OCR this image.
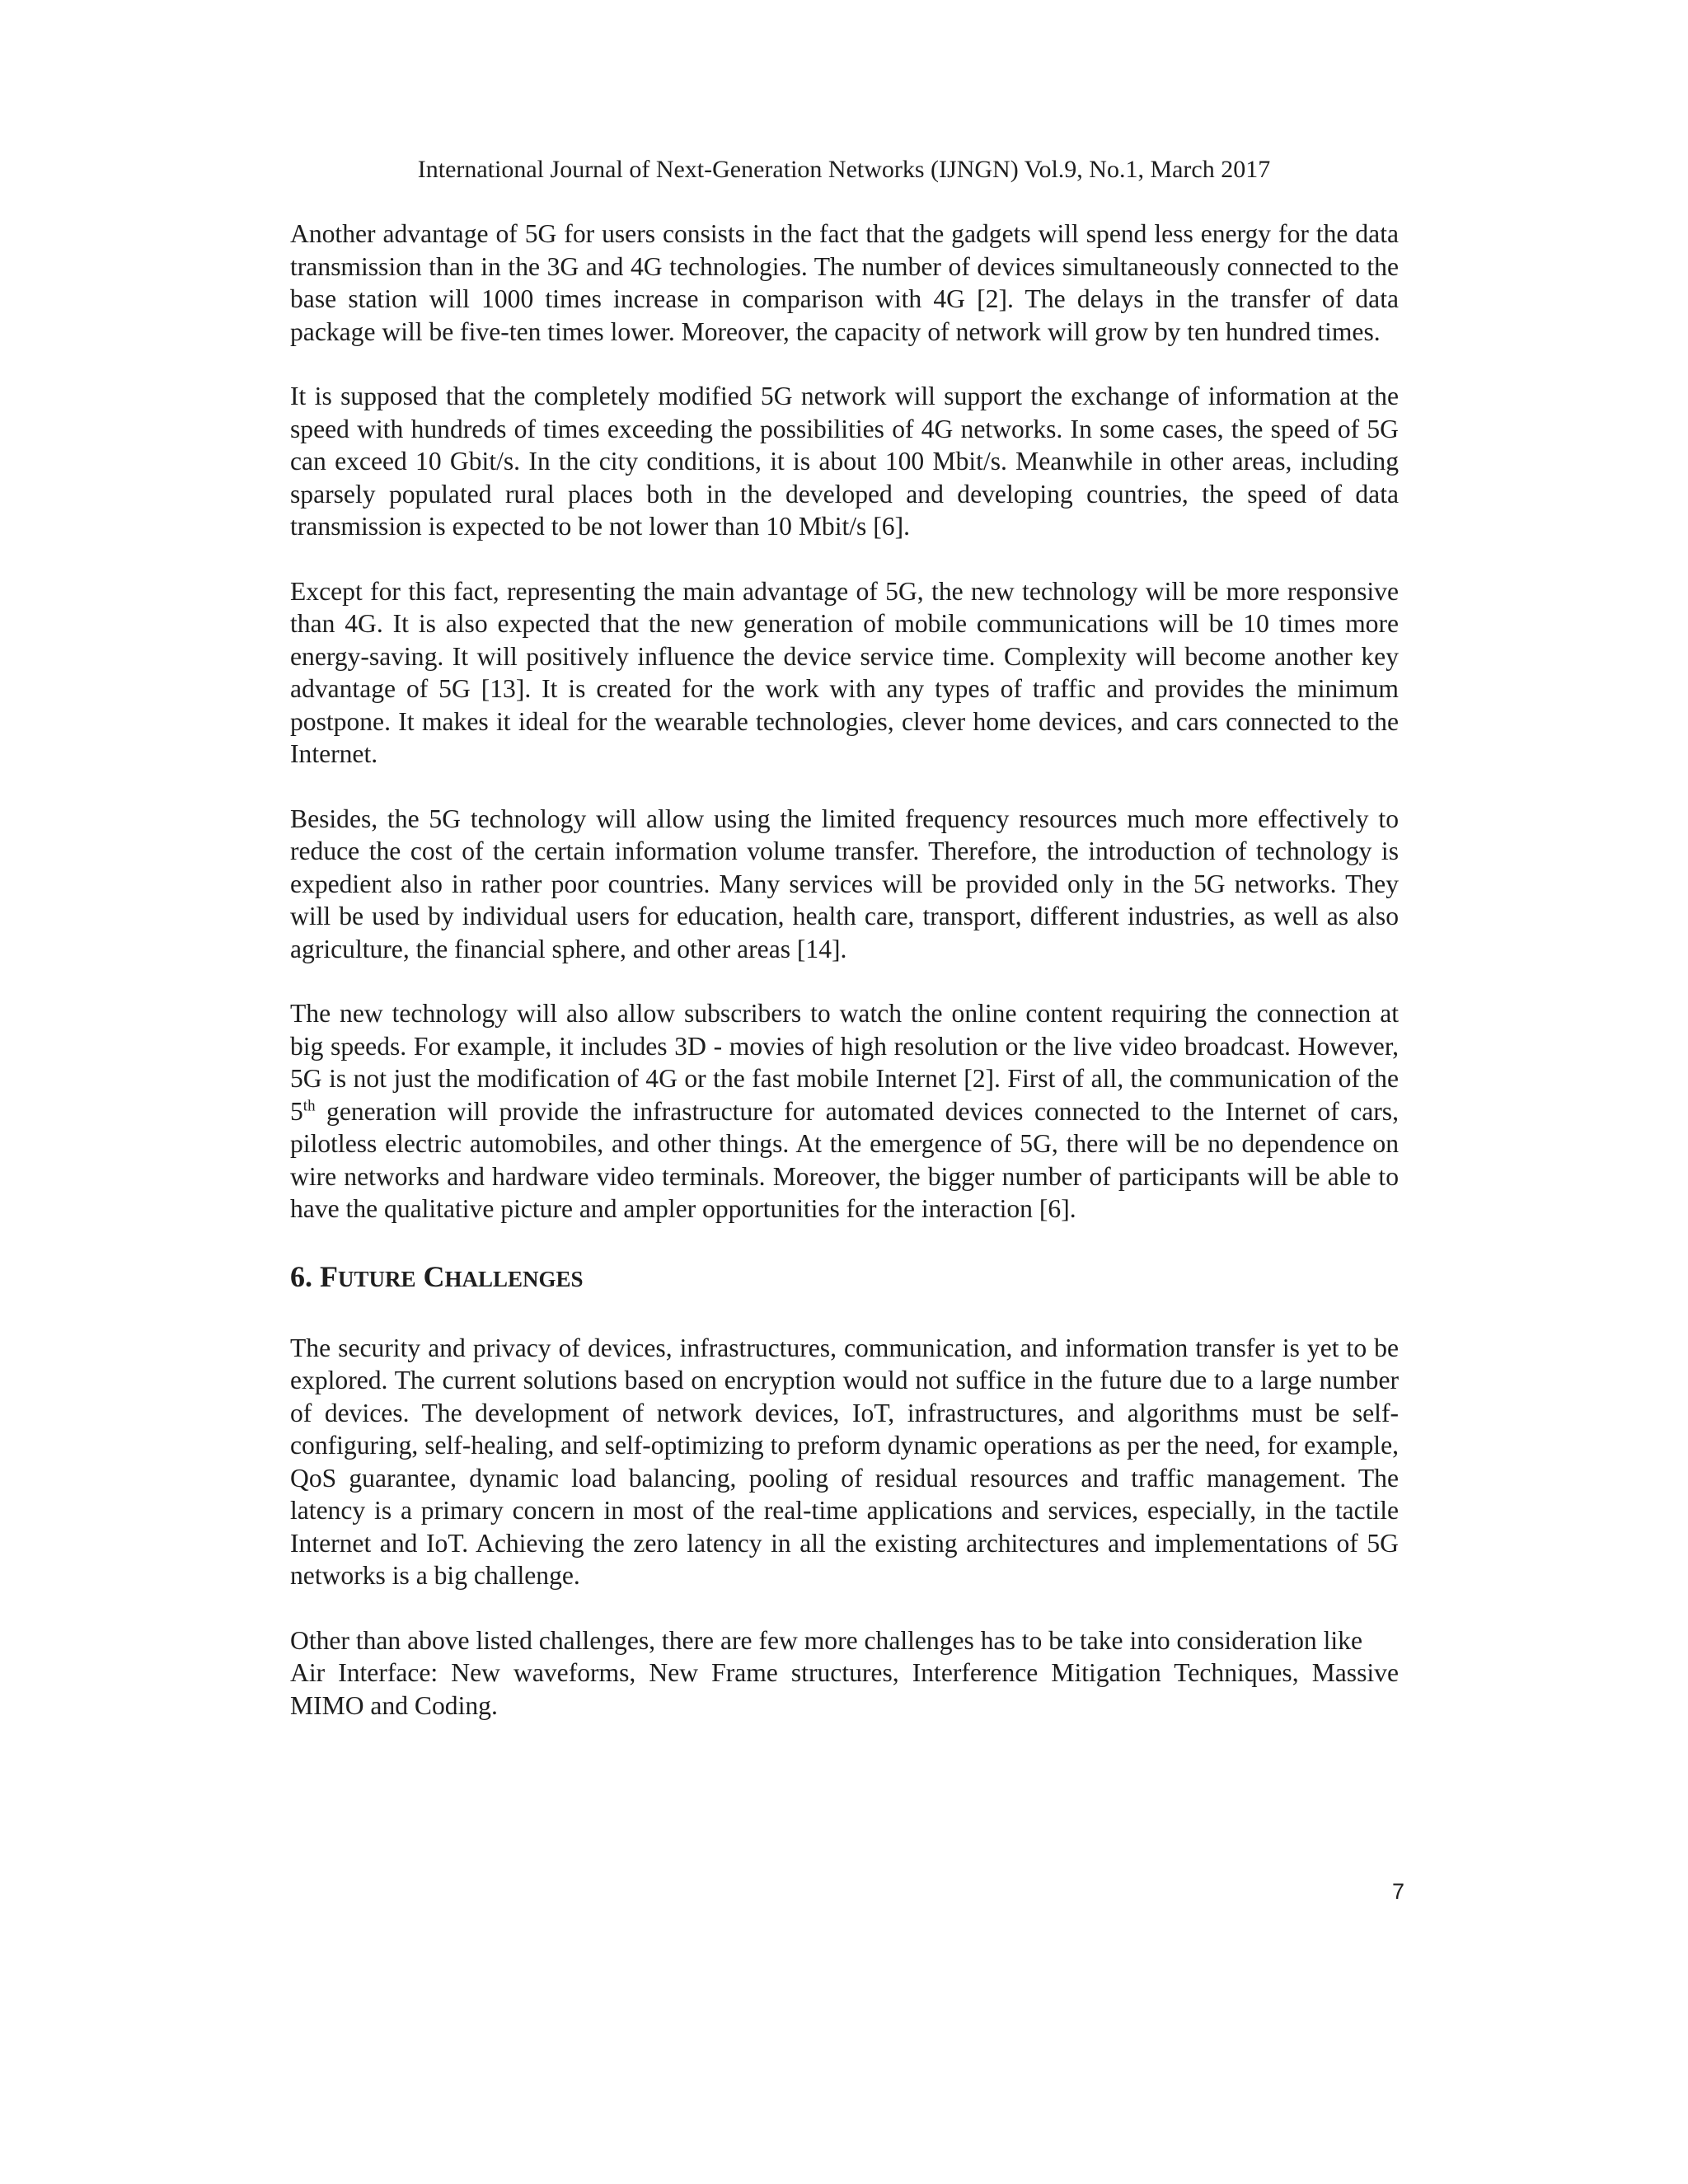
International Journal of Next-Generation Networks (IJNGN) Vol.9, No.1, March 2017

Another advantage of 5G for users consists in the fact that the gadgets will spend less energy for the data transmission than in the 3G and 4G technologies. The number of devices simultaneously connected to the base station will 1000 times increase in comparison with 4G [2]. The delays in the transfer of data package will be five-ten times lower. Moreover, the capacity of network will grow by ten hundred times.

It is supposed that the completely modified 5G network will support the exchange of information at the speed with hundreds of times exceeding the possibilities of 4G networks. In some cases, the speed of 5G can exceed 10 Gbit/s. In the city conditions, it is about 100 Mbit/s. Meanwhile in other areas, including sparsely populated rural places both in the developed and developing countries, the speed of data transmission is expected to be not lower than 10 Mbit/s [6].

Except for this fact, representing the main advantage of 5G, the new technology will be more responsive than 4G. It is also expected that the new generation of mobile communications will be 10 times more energy-saving. It will positively influence the device service time. Complexity will become another key advantage of 5G [13]. It is created for the work with any types of traffic and provides the minimum postpone. It makes it ideal for the wearable technologies, clever home devices, and cars connected to the Internet.

Besides, the 5G technology will allow using the limited frequency resources much more effectively to reduce the cost of the certain information volume transfer. Therefore, the introduction of technology is expedient also in rather poor countries. Many services will be provided only in the 5G networks. They will be used by individual users for education, health care, transport, different industries, as well as also agriculture, the financial sphere, and other areas [14].

The new technology will also allow subscribers to watch the online content requiring the connection at big speeds. For example, it includes 3D - movies of high resolution or the live video broadcast. However, 5G is not just the modification of 4G or the fast mobile Internet [2]. First of all, the communication of the 5th generation will provide the infrastructure for automated devices connected to the Internet of cars, pilotless electric automobiles, and other things. At the emergence of 5G, there will be no dependence on wire networks and hardware video terminals. Moreover, the bigger number of participants will be able to have the qualitative picture and ampler opportunities for the interaction [6].

6. FUTURE CHALLENGES

The security and privacy of devices, infrastructures, communication, and information transfer is yet to be explored. The current solutions based on encryption would not suffice in the future due to a large number of devices. The development of network devices, IoT, infrastructures, and algorithms must be self-configuring, self-healing, and self-optimizing to preform dynamic operations as per the need, for example, QoS guarantee, dynamic load balancing, pooling of residual resources and traffic management. The latency is a primary concern in most of the real-time applications and services, especially, in the tactile Internet and IoT. Achieving the zero latency in all the existing architectures and implementations of 5G networks is a big challenge.

Other than above listed challenges, there are few more challenges has to be take into consideration like

Air Interface: New waveforms, New Frame structures, Interference Mitigation Techniques, Massive MIMO and Coding.

7
